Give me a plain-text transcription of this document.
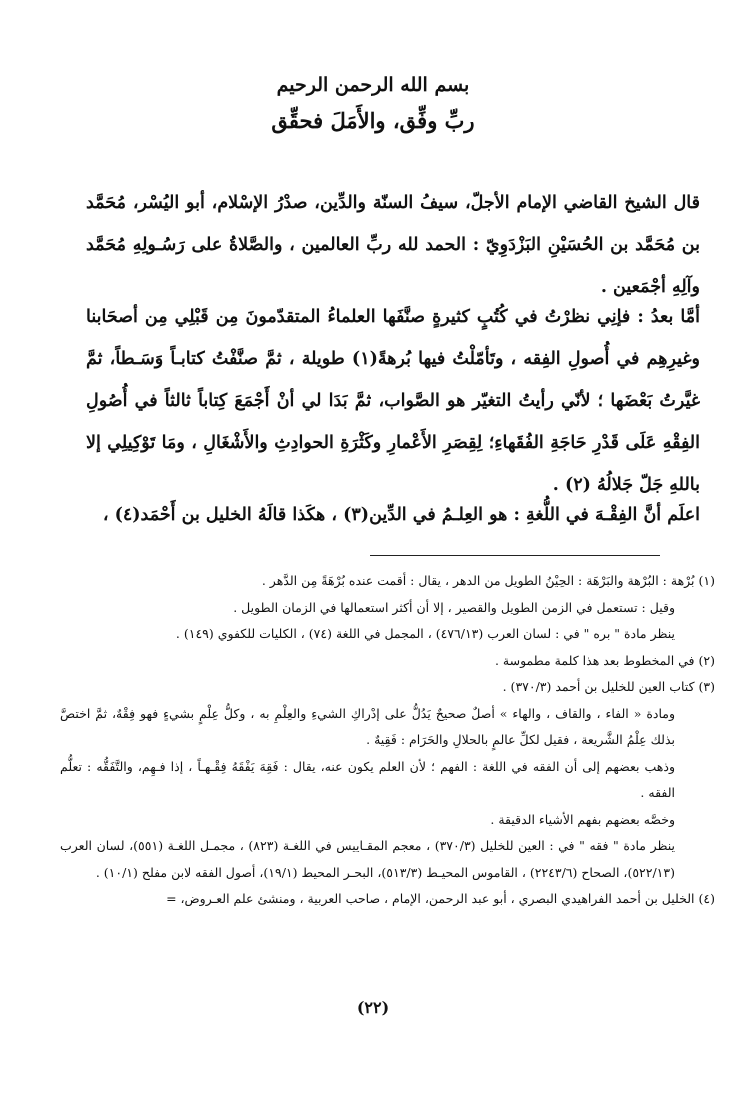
بسم الله الرحمن الرحيم
ربِّ وفِّق، والأَمَلَ فحقِّق

قال الشيخ القاضي الإمام الأجلّ، سيفُ السنّة والدِّين، صدْرُ الإسْلام، أبو اليُسْر، مُحَمَّد بن مُحَمَّد بن الحُسَيْنِ البَزْدَوِيّ : الحمد لله ربِّ العالمين ، والصَّلاةُ على رَسُـولِهِ مُحَمَّد وآلِهِ أجْمَعين .

أمَّا بعدُ : فإنِي نظرْتُ في كُتُبٍ كثيرةٍ صنَّفَها العلماءُ المتقدّمونَ مِن قَبْلِي مِن أصحَابنا وغيرِهِم في أُصولِ الفِقه ، وتَأمّلْتُ فيها بُرهةً(١) طويلة ، ثمَّ صنَّفْتُ كتابـاً وَسَـطاً، ثمَّ غيَّرتُ بَعْضَها ؛ لأنّي رأيتُ التغيّر هو الصَّواب، ثمَّ بَدَا لي أنْ أَجْمَعَ كِتاباً ثالثاً في أُصُولِ الفِقْهِ عَلَى قَدْرِ حَاجَةِ الفُقَهاءِ؛ لِقِصَرِ الأَعْمارِ وكَثْرَةِ الحوادِثِ والأَشْغَالِ ، ومَا تَوْكِيلِي إلا باللهِ جَلّ جَلالُهُ (٢) .

اعلَم أنَّ الفِقْـهَ في اللُّغةِ : هو العِلـمُ في الدِّين(٣) ، هكَذا قالَهُ الخليل بن أَحْمَد(٤) ،

(١) بُرْهة : البُرْهة والبَرْهَة : الحِيْنُ الطويل من الدهر ، يقال : أقمت عنده بُرْهَةً مِن الدَّهر .

وقيل : تستعمل في الزمن الطويل والقصير ، إلا أن أكثر استعمالها في الزمان الطويل .

ينظر مادة " بره " في : لسان العرب (٤٧٦/١٣) ، المجمل في اللغة (٧٤) ، الكليات للكفوي (١٤٩) .

(٢) في المخطوط بعد هذا كلمة مطموسة .

(٣) كتاب العين للخليل بن أحمد (٣٧٠/٣) .

ومادة « الفاء ، والقاف ، والهاء » أصلٌ صحيحٌ يَدُلُّ على إدْراكِ الشيءِ والعِلْمِ به ، وكلُّ عِلْمٍ بشيءٍ فهو فِقْهٌ، ثمَّ اختصَّ بذلك عِلْمُ الشَّريعة ، فقيل لكلِّ عالمٍ بالحلالِ والحَرَام : فَقِيهٌ .

وذهب بعضهم إلى أن الفقه في اللغة : الفهم ؛ لأن العلم يكون عنه، يقال : فَقِهَ يَفْقَهُ فِقْـهـاً ، إذا فـهِم، والتَّفَقُّه : تعلُّم الفقه .

وخصَّه بعضهم بفهم الأشياء الدقيقة .

ينظر مادة " فقه " في : العين للخليل (٣٧٠/٣) ، معجم المقـاييس في اللغـة (٨٢٣) ، مجمـل اللغـة (٥٥١)، لسان العرب (٥٢٢/١٣)، الصحاح (٢٢٤٣/٦) ، القاموس المحيـط (٥١٣/٣)، البحـر المحيط (١٩/١)، أصول الفقه لابن مفلح (١٠/١) .

(٤) الخليل بن أحمد الفراهيدي البصري ، أبو عبد الرحمن، الإمام ، صاحب العربية ، ومنشئ علم العـروض، =

(٢٢)
